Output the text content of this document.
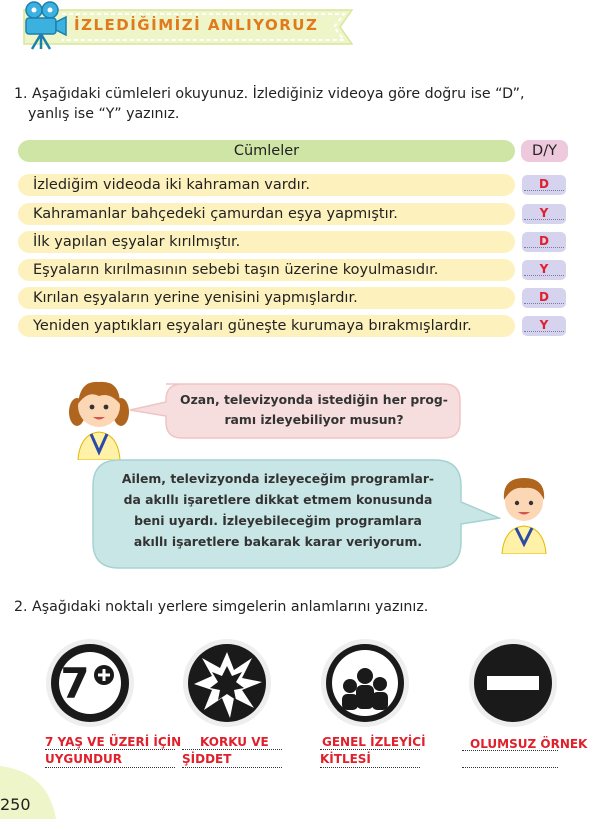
İZLEDİĞİMİZİ ANLIYORUZ
1. Aşağıdaki cümleleri okuyunuz. İzlediğiniz videoya göre doğru ise “D”,
yanlış ise “Y” yazınız.
Cümleler	D/Y
İzlediğim videoda iki kahraman vardır.	D
Kahramanlar bahçedeki çamurdan eşya yapmıştır.	Y
İlk yapılan eşyalar kırılmıştır.	D
Eşyaların kırılmasının sebebi taşın üzerine koyulmasıdır.	Y
Kırılan eşyaların yerine yenisini yapmışlardır.	D
Yeniden yaptıkları eşyaları güneşte kurumaya bırakmışlardır.	Y
Ozan, televizyonda istediğin her prog-
ramı izleyebiliyor musun?
Ailem, televizyonda izleyeceğim programlar-
da akıllı işaretlere dikkat etmem konusunda
beni uyardı. İzleyebileceğim programlara
akıllı işaretlere bakarak karar veriyorum.
2. Aşağıdaki noktalı yerlere simgelerin anlamlarını yazınız.
7
7 YAŞ VE ÜZERİ İÇİN
UYGUNDUR
KORKU VE
ŞİDDET
GENEL İZLEYİCİ
KİTLESİ
OLUMSUZ ÖRNEK
250
